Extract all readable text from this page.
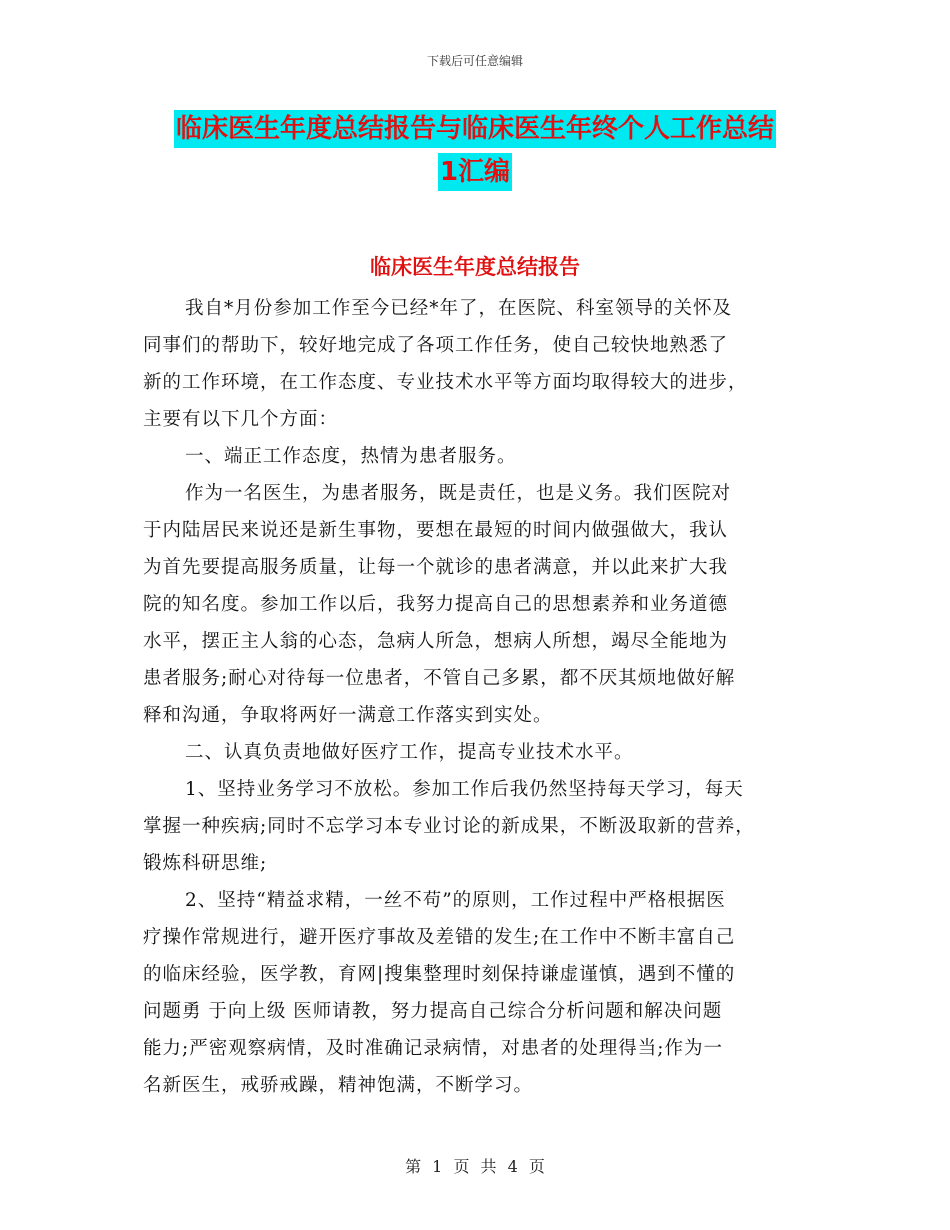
下载后可任意编辑
临床医生年度总结报告与临床医生年终个人工作总结
1汇编
临床医生年度总结报告
我自*月份参加工作至今已经*年了，在医院、科室领导的关怀及
同事们的帮助下，较好地完成了各项工作任务，使自己较快地熟悉了
新的工作环境，在工作态度、专业技术水平等方面均取得较大的进步，
主要有以下几个方面：
一、端正工作态度，热情为患者服务。
作为一名医生，为患者服务，既是责任，也是义务。我们医院对
于内陆居民来说还是新生事物，要想在最短的时间内做强做大，我认
为首先要提高服务质量，让每一个就诊的患者满意，并以此来扩大我
院的知名度。参加工作以后，我努力提高自己的思想素养和业务道德
水平，摆正主人翁的心态，急病人所急，想病人所想，竭尽全能地为
患者服务;耐心对待每一位患者，不管自己多累，都不厌其烦地做好解
释和沟通，争取将两好一满意工作落实到实处。
二、认真负责地做好医疗工作，提高专业技术水平。
1、坚持业务学习不放松。参加工作后我仍然坚持每天学习，每天
掌握一种疾病;同时不忘学习本专业讨论的新成果，不断汲取新的营养，
锻炼科研思维;
2、坚持“精益求精，一丝不苟”的原则，工作过程中严格根据医
疗操作常规进行，避开医疗事故及差错的发生;在工作中不断丰富自己
的临床经验，医学教，育网|搜集整理时刻保持谦虚谨慎，遇到不懂的
问题勇 于向上级 医师请教，努力提高自己综合分析问题和解决问题
能力;严密观察病情，及时准确记录病情，对患者的处理得当;作为一
名新医生，戒骄戒躁，精神饱满，不断学习。
第 1 页 共 4 页
